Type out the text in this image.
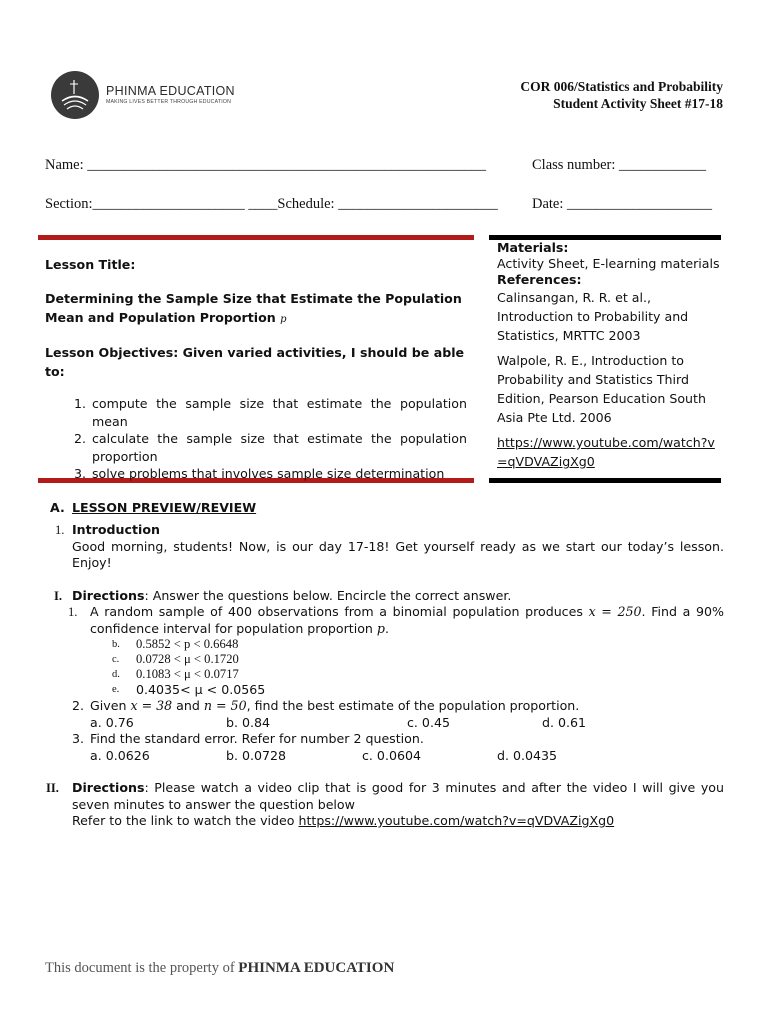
PHINMA EDUCATION
MAKING LIVES BETTER THROUGH EDUCATION
COR 006/Statistics and Probability
Student Activity Sheet #17-18
Name: _______________________________________________________	Class number: ____________
Section:_____________________ ____Schedule: ______________________ Date: ____________________

Lesson Title:

Determining the Sample Size that Estimate the Population Mean and Population Proportion p

Lesson Objectives: Given varied activities, I should be able to:

1. compute the sample size that estimate the population mean
2. calculate the sample size that estimate the population proportion
3. solve problems that involves sample size determination
Materials:
Activity Sheet, E-learning materials
References:
Calinsangan, R. R. et al., Introduction to Probability and Statistics, MRTTC 2003
Walpole, R. E., Introduction to Probability and Statistics Third Edition, Pearson Education South Asia Pte Ltd. 2006
https://www.youtube.com/watch?v=qVDVAZigXg0
A. LESSON PREVIEW/REVIEW
1. Introduction
Good morning, students! Now, is our day 17-18! Get yourself ready as we start our today’s lesson. Enjoy!
I. Directions: Answer the questions below. Encircle the correct answer.
1. A random sample of 400 observations from a binomial population produces x = 250. Find a 90% confidence interval for population proportion p.
b. 0.5852 < p < 0.6648
c. 0.0728 < μ < 0.1720
d. 0.1083 < μ < 0.0717
e. 0.4035< μ < 0.0565
2. Given x = 38 and n = 50, find the best estimate of the population proportion.
a. 0.76	b. 0.84	c. 0.45	d. 0.61
3. Find the standard error. Refer for number 2 question.
a. 0.0626	b. 0.0728	c. 0.0604	d. 0.0435
II.	Directions: Please watch a video clip that is good for 3 minutes and after the video I will give you seven minutes to answer the question below
Refer to the link to watch the video https://www.youtube.com/watch?v=qVDVAZigXg0
This document is the property of PHINMA EDUCATION
